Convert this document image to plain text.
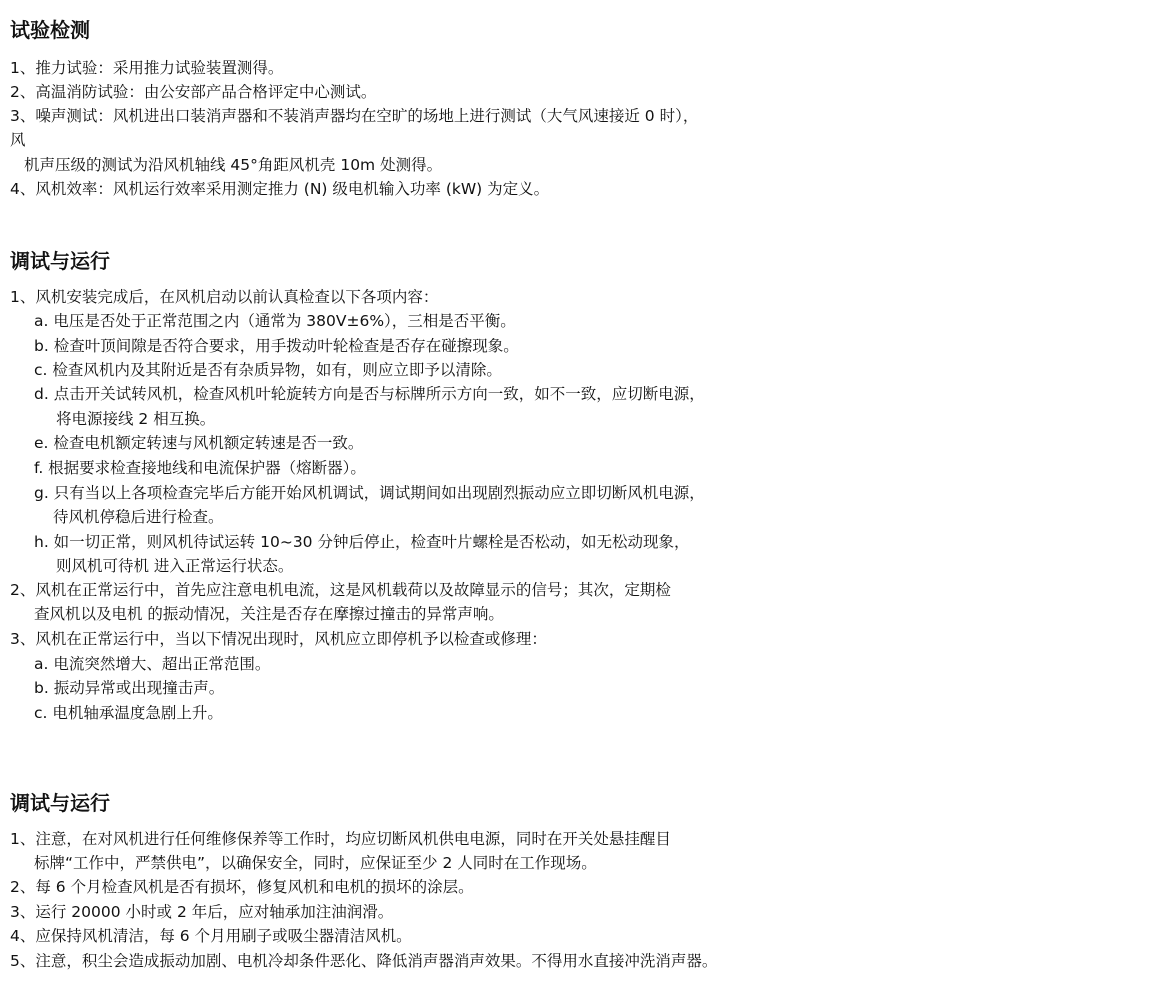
试验检测

1、推力试验：采用推力试验装置测得。

2、高温消防试验：由公安部产品合格评定中心测试。

3、噪声测试：风机进出口装消声器和不装消声器均在空旷的场地上进行测试（大气风速接近 0 时），

风

机声压级的测试为沿风机轴线 45°角距风机壳 10m 处测得。

4、风机效率：风机运行效率采用测定推力 (N) 级电机输入功率 (kW) 为定义。

调试与运行

1、风机安装完成后，在风机启动以前认真检查以下各项内容：

a. 电压是否处于正常范围之内（通常为 380V±6%），三相是否平衡。

b. 检查叶顶间隙是否符合要求，用手拨动叶轮检查是否存在碰擦现象。

c. 检查风机内及其附近是否有杂质异物，如有，则应立即予以清除。

d. 点击开关试转风机，检查风机叶轮旋转方向是否与标牌所示方向一致，如不一致，应切断电源，

将电源接线 2 相互换。

e. 检查电机额定转速与风机额定转速是否一致。

f. 根据要求检查接地线和电流保护器（熔断器）。

g. 只有当以上各项检查完毕后方能开始风机调试，调试期间如出现剧烈振动应立即切断风机电源，

待风机停稳后进行检查。

h. 如一切正常，则风机待试运转 10~30 分钟后停止，检查叶片螺栓是否松动，如无松动现象，

则风机可待机 进入正常运行状态。

2、风机在正常运行中，首先应注意电机电流，这是风机载荷以及故障显示的信号；其次，定期检

查风机以及电机 的振动情况，关注是否存在摩擦过撞击的异常声响。

3、风机在正常运行中，当以下情况出现时，风机应立即停机予以检查或修理：

a. 电流突然增大、超出正常范围。

b. 振动异常或出现撞击声。

c. 电机轴承温度急剧上升。

调试与运行

1、注意，在对风机进行任何维修保养等工作时，均应切断风机供电电源，同时在开关处悬挂醒目

标牌“工作中，严禁供电”，以确保安全，同时，应保证至少 2 人同时在工作现场。

2、每 6 个月检查风机是否有损坏，修复风机和电机的损坏的涂层。

3、运行 20000 小时或 2 年后，应对轴承加注油润滑。

4、应保持风机清洁，每 6 个月用刷子或吸尘器清洁风机。

5、注意，积尘会造成振动加剧、电机冷却条件恶化、降低消声器消声效果。不得用水直接冲洗消声器。
